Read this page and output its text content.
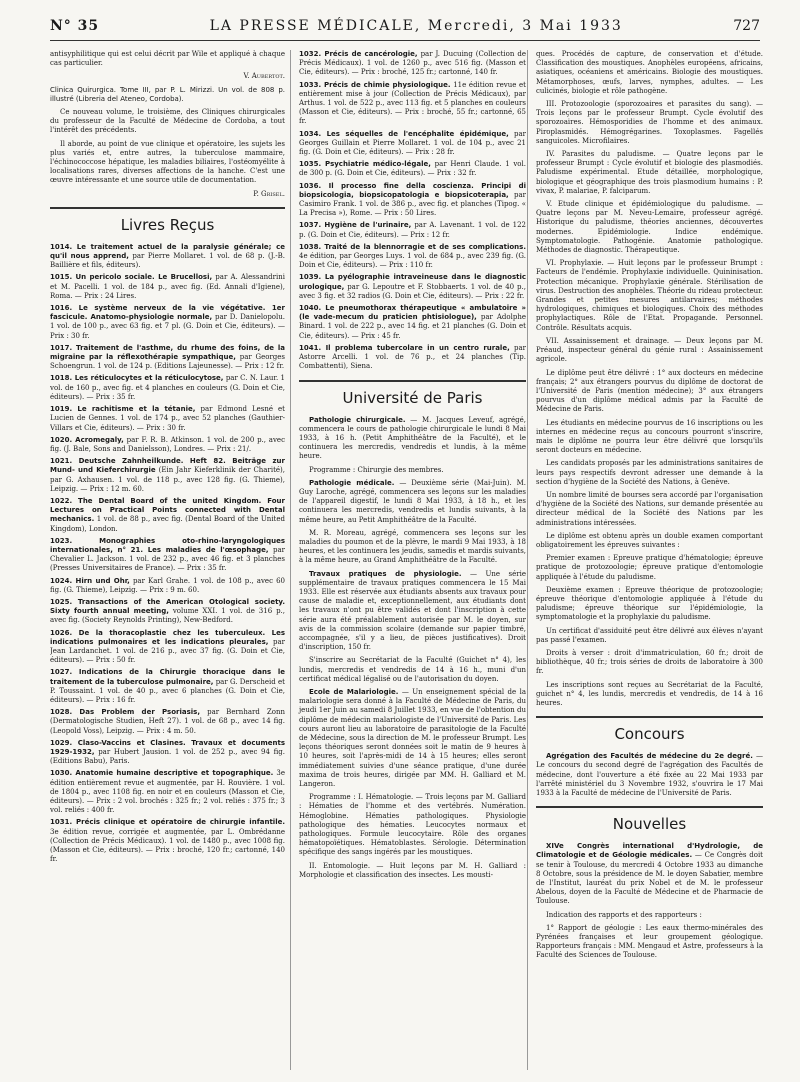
N° 35	LA PRESSE MÉDICALE, Mercredi, 3 Mai 1933	727

antisyphilitique qui est celui décrit par Wile et appliqué à chaque cas particulier.

V. Aubertot.

Clinica Quirurgica. Tome III, par P. L. Mirizzi. Un vol. de 808 p. illustré (Libreria del Ateneo, Cordoba).

Ce nouveau volume, le troisième, des Cliniques chirurgicales du professeur de la Faculté de Médecine de Cordoba, a tout l'intérêt des précédents.

Il aborde, au point de vue clinique et opératoire, les sujets les plus variés et, entre autres, la tuberculose mammaire, l'échinococcose hépatique, les maladies biliaires, l'ostéomyélite à localisations rares, diverses affections de la hanche. C'est une œuvre intéressante et une source utile de documentation.

P. Grisel.

Livres Reçus

1014. Le traitement actuel de la paralysie générale; ce qu'il nous apprend, par Pierre Mollaret. 1 vol. de 68 p. (J.-B. Baillière et fils, éditeurs).

1015. Un pericolo sociale. Le Brucellosi, par A. Alessandrini et M. Pacelli. 1 vol. de 184 p., avec fig. (Ed. Annali d'Igiene), Roma. — Prix : 24 Lires.

1016. Le système nerveux de la vie végétative. 1er fascicule. Anatomo-physiologie normale, par D. Danielopolu. 1 vol. de 100 p., avec 63 fig. et 7 pl. (G. Doin et Cie, éditeurs). — Prix : 30 fr.

1017. Traitement de l'asthme, du rhume des foins, de la migraine par la réflexothérapie sympathique, par Georges Schoengrun. 1 vol. de 124 p. (Editions Lajeunesse). — Prix : 12 fr.

1018. Les réticulocytes et la réticulocytose, par C. N. Laur. 1 vol. de 160 p., avec fig. et 4 planches en couleurs (G. Doin et Cie, éditeurs). — Prix : 35 fr.

1019. Le rachitisme et la tétanie, par Edmond Lesné et Lucien de Gennes. 1 vol. de 174 p., avec 52 planches (Gauthier-Villars et Cie, éditeurs). — Prix : 30 fr.

1020. Acromegaly, par F. R. B. Atkinson. 1 vol. de 200 p., avec fig. (J. Bale, Sons and Danielsson), Londres. — Prix : 21/.

1021. Deutsche Zahnheilkunde. Heft 82. Beiträge zur Mund- und Kieferchirurgie (Ein Jahr Kieferklinik der Charité), par G. Axhausen. 1 vol. de 118 p., avec 128 fig. (G. Thieme), Leipzig. — Prix : 12 m. 60.

1022. The Dental Board of the united Kingdom. Four Lectures on Practical Points connected with Dental mechanics. 1 vol. de 88 p., avec fig. (Dental Board of the United Kingdom), London.

1023. Monographies oto-rhino-laryngologiques internationales, n° 21. Les maladies de l'œsophage, par Chevalier L. Jackson. 1 vol. de 232 p., avec 46 fig. et 3 planches (Presses Universitaires de France). — Prix : 35 fr.

1024. Hirn und Ohr, par Karl Grahe. 1 vol. de 108 p., avec 60 fig. (G. Thieme), Leipzig. — Prix : 9 m. 60.

1025. Transactions of the American Otological society. Sixty fourth annual meeting, volume XXI. 1 vol. de 316 p., avec fig. (Society Reynolds Printing), New-Bedford.

1026. De la thoracoplastie chez les tuberculeux. Les indications pulmonaires et les indications pleurales, par Jean Lardanchet. 1 vol. de 216 p., avec 37 fig. (G. Doin et Cie, éditeurs). — Prix : 50 fr.

1027. Indications de la Chirurgie thoracique dans le traitement de la tuberculose pulmonaire, par G. Derscheid et P. Toussaint. 1 vol. de 40 p., avec 6 planches (G. Doin et Cie, éditeurs). — Prix : 16 fr.

1028. Das Problem der Psoriasis, par Bernhard Zonn (Dermatologische Studien, Heft 27). 1 vol. de 68 p., avec 14 fig. (Leopold Voss), Leipzig. — Prix : 4 m. 50.

1029. Claso-Vaccins et Clasines. Travaux et documents 1929-1932, par Hubert Jausion. 1 vol. de 252 p., avec 94 fig. (Editions Babu), Paris.

1030. Anatomie humaine descriptive et topographique. 3e édition entièrement revue et augmentée, par H. Rouvière. 1 vol. de 1804 p., avec 1108 fig. en noir et en couleurs (Masson et Cie, éditeurs). — Prix : 2 vol. brochés : 325 fr.; 2 vol. reliés : 375 fr.; 3 vol. reliés : 400 fr.

1031. Précis clinique et opératoire de chirurgie infantile. 3e édition revue, corrigée et augmentée, par L. Ombrédanne (Collection de Précis Médicaux). 1 vol. de 1480 p., avec 1008 fig. (Masson et Cie, éditeurs). — Prix : broché, 120 fr.; cartonné, 140 fr.

1032. Précis de cancérologie, par J. Ducuing (Collection de Précis Médicaux). 1 vol. de 1260 p., avec 516 fig. (Masson et Cie, éditeurs). — Prix : broché, 125 fr.; cartonné, 140 fr.

1033. Précis de chimie physiologique. 11e édition revue et entièrement mise à jour (Collection de Précis Médicaux), par Arthus. 1 vol. de 522 p., avec 113 fig. et 5 planches en couleurs (Masson et Cie, éditeurs). — Prix : broché, 55 fr.; cartonné, 65 fr.

1034. Les séquelles de l'encéphalite épidémique, par Georges Guillain et Pierre Mollaret. 1 vol. de 104 p., avec 21 fig. (G. Doin et Cie, éditeurs). — Prix : 28 fr.

1035. Psychiatrie médico-légale, par Henri Claude. 1 vol. de 300 p. (G. Doin et Cie, éditeurs). — Prix : 32 fr.

1036. Il processo fine della coscienza. Principi di biopsicologia, biopsicopatologia e biopsicoterapia, par Casimiro Frank. 1 vol. de 386 p., avec fig. et planches (Tipog. « La Precisa »), Rome. — Prix : 50 Lires.

1037. Hygiène de l'urinaire, par A. Lavenant. 1 vol. de 122 p. (G. Doin et Cie, éditeurs). — Prix : 12 fr.

1038. Traité de la blennorragie et de ses complications. 4e édition, par Georges Luys. 1 vol. de 684 p., avec 239 fig. (G. Doin et Cie, éditeurs). — Prix : 110 fr.

1039. La pyélographie intraveineuse dans le diagnostic urologique, par G. Lepoutre et F. Stobbaerts. 1 vol. de 40 p., avec 3 fig. et 32 radios (G. Doin et Cie, éditeurs). — Prix : 22 fr.

1040. Le pneumothorax thérapeutique « ambulatoire » (le vade-mecum du praticien phtisiologue), par Adolphe Binard. 1 vol. de 222 p., avec 14 fig. et 21 planches (G. Doin et Cie, éditeurs). — Prix : 45 fr.

1041. Il problema tubercolare in un centro rurale, par Astorre Arcelli. 1 vol. de 76 p., et 24 planches (Tip. Combattenti), Siena.

Université de Paris

Pathologie chirurgicale. — M. Jacques Leveuf, agrégé, commencera le cours de pathologie chirurgicale le lundi 8 Mai 1933, à 16 h. (Petit Amphithéâtre de la Faculté), et le continuera les mercredis, vendredis et lundis, à la même heure.

Programme : Chirurgie des membres.

Pathologie médicale. — Deuxième série (Mai-Juin). M. Guy Laroche, agrégé, commencera ses leçons sur les maladies de l'appareil digestif, le lundi 8 Mai 1933, à 18 h., et les continuera les mercredis, vendredis et lundis suivants, à la même heure, au Petit Amphithéâtre de la Faculté.

M. R. Moreau, agrégé, commencera ses leçons sur les maladies du poumon et de la plèvre, le mardi 9 Mai 1933, à 18 heures, et les continuera les jeudis, samedis et mardis suivants, à la même heure, au Grand Amphithéâtre de la Faculté.

Travaux pratiques de physiologie. — Une série supplémentaire de travaux pratiques commencera le 15 Mai 1933. Elle est réservée aux étudiants absents aux travaux pour cause de maladie et, exceptionnellement, aux étudiants dont les travaux n'ont pu être validés et dont l'inscription à cette série aura été préalablement autorisée par M. le doyen, sur avis de la commission scolaire (demande sur papier timbré, accompagnée, s'il y a lieu, de pièces justificatives). Droit d'inscription, 150 fr.

S'inscrire au Secrétariat de la Faculté (Guichet n° 4), les lundis, mercredis et vendredis de 14 à 16 h., muni d'un certificat médical légalisé ou de l'autorisation du doyen.

Ecole de Malariologie. — Un enseignement spécial de la malariologie sera donné à la Faculté de Médecine de Paris, du jeudi 1er Juin au samedi 8 Juillet 1933, en vue de l'obtention du diplôme de médecin malariologiste de l'Université de Paris. Les cours auront lieu au laboratoire de parasitologie de la Faculté de Médecine, sous la direction de M. le professeur Brumpt. Les leçons théoriques seront données soit le matin de 9 heures à 10 heures, soit l'après-midi de 14 à 15 heures; elles seront immédiatement suivies d'une séance pratique, d'une durée maxima de trois heures, dirigée par MM. H. Galliard et M. Langeron.

Programme : I. Hématologie. — Trois leçons par M. Galliard : Hématies de l'homme et des vertébrés. Numération. Hémoglobine. Hématies pathologiques. Physiologie pathologique des hématies. Leucocytes normaux et pathologiques. Formule leucocytaire. Rôle des organes hématopoïétiques. Hématoblastes. Sérologie. Détermination spécifique des sangs ingérés par les moustiques.

II. Entomologie. — Huit leçons par M. H. Galliard : Morphologie et classification des insectes. Les mousti-

ques. Procédés de capture, de conservation et d'étude. Classification des moustiques. Anophèles européens, africains, asiatiques, océaniens et américains. Biologie des moustiques. Métamorphoses, œufs, larves, nymphes, adultes. — Les culicinés, biologie et rôle pathogène.

III. Protozoologie (sporozoaires et parasites du sang). — Trois leçons par le professeur Brumpt. Cycle évolutif des sporozoaires. Hémosporidies de l'homme et des animaux. Piroplasmidés. Hémogrégarines. Toxoplasmes. Fagellés sanguicoles. Microfilaires.

IV. Parasites du paludisme. — Quatre leçons par le professeur Brumpt : Cycle évolutif et biologie des plasmodiés. Paludisme expérimental. Etude détaillée, morphologique, biologique et géographique des trois plasmodium humains : P. vivax, P. malariae, P. falciparum.

V. Etude clinique et épidémiologique du paludisme. — Quatre leçons par M. Neveu-Lemaire, professeur agrégé. Historique du paludisme, théories anciennes, découvertes modernes. Epidémiologie. Indice endémique. Symptomatologie. Pathogénie. Anatomie pathologique. Méthodes de diagnostic. Thérapeutique.

VI. Prophylaxie. — Huit leçons par le professeur Brumpt : Facteurs de l'endémie. Prophylaxie individuelle. Quininisation. Protection mécanique. Prophylaxie générale. Stérilisation de virus. Destruction des anophèles. Théorie du rideau protecteur. Grandes et petites mesures antilarvaires; méthodes hydrologiques, chimiques et biologiques. Choix des méthodes prophylactiques. Rôle de l'Etat. Propagande. Personnel. Contrôle. Résultats acquis.

VII. Assainissement et drainage. — Deux leçons par M. Préaud, inspecteur général du génie rural : Assainissement agricole.

Le diplôme peut être délivré : 1° aux docteurs en médecine français; 2° aux étrangers pourvus du diplôme de doctorat de l'Université de Paris (mention médecine); 3° aux étrangers pourvus d'un diplôme médical admis par la Faculté de Médecine de Paris.

Les étudiants en médecine pourvus de 16 inscriptions ou les internes en médecine reçus au concours pourront s'inscrire, mais le diplôme ne pourra leur être délivré que lorsqu'ils seront docteurs en médecine.

Les candidats proposés par les administrations sanitaires de leurs pays respectifs devront adresser une demande à la section d'hygiène de la Société des Nations, à Genève.

Un nombre limité de bourses sera accordé par l'organisation d'hygiène de la Société des Nations, sur demande présentée au directeur médical de la Société des Nations par les administrations intéressées.

Le diplôme est obtenu après un double examen comportant obligatoirement les épreuves suivantes :

Premier examen : Epreuve pratique d'hématologie; épreuve pratique de protozoologie; épreuve pratique d'entomologie appliquée à l'étude du paludisme.

Deuxième examen : Epreuve théorique de protozoologie; épreuve théorique d'entomologie appliquée à l'étude du paludisme; épreuve théorique sur l'épidémiologie, la symptomatologie et la prophylaxie du paludisme.

Un certificat d'assiduité peut être délivré aux élèves n'ayant pas passé l'examen.

Droits à verser : droit d'immatriculation, 60 fr.; droit de bibliothèque, 40 fr.; trois séries de droits de laboratoire à 300 fr.

Les inscriptions sont reçues au Secrétariat de la Faculté, guichet n° 4, les lundis, mercredis et vendredis, de 14 à 16 heures.

Concours

Agrégation des Facultés de médecine du 2e degré. — Le concours du second degré de l'agrégation des Facultés de médecine, dont l'ouverture a été fixée au 22 Mai 1933 par l'arrêté ministériel du 3 Novembre 1932, s'ouvrira le 17 Mai 1933 à la Faculté de médecine de l'Université de Paris.

Nouvelles

XIVe Congrès international d'Hydrologie, de Climatologie et de Géologie médicales. — Ce Congrès doit se tenir à Toulouse, du mercredi 4 Octobre 1933 au dimanche 8 Octobre, sous la présidence de M. le doyen Sabatier, membre de l'Institut, lauréat du prix Nobel et de M. le professeur Abelous, doyen de la Faculté de Médecine et de Pharmacie de Toulouse.

Indication des rapports et des rapporteurs :

1° Rapport de géologie : Les eaux thermo-minérales des Pyrénées françaises et leur groupement géologique. Rapporteurs français : MM. Mengaud et Astre, professeurs à la Faculté des Sciences de Toulouse.
